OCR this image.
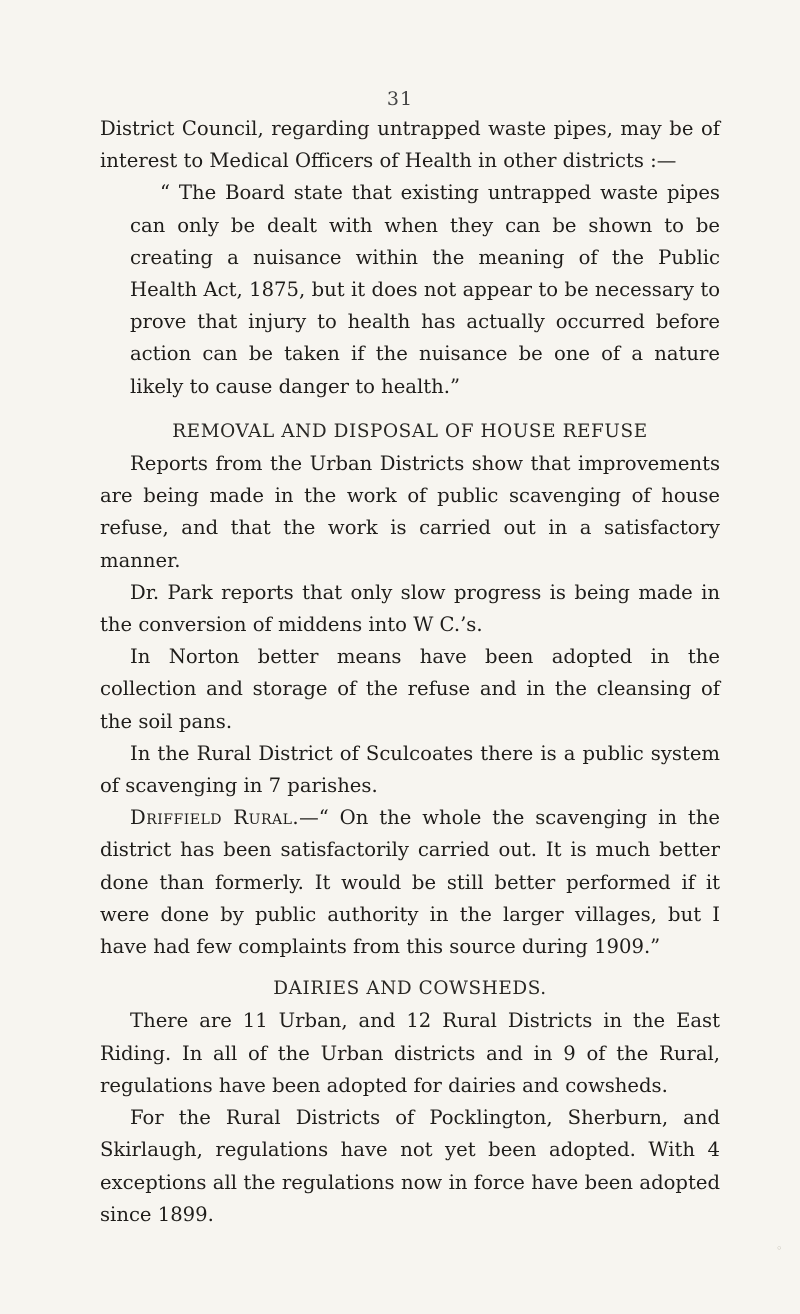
31

District Council, regarding untrapped waste pipes, may be of interest to Medical Officers of Health in other districts :—

“ The Board state that existing untrapped waste pipes can only be dealt with when they can be shown to be creating a nuisance within the meaning of the Public Health Act, 1875, but it does not appear to be necessary to prove that injury to health has actually occurred before action can be taken if the nuisance be one of a nature likely to cause danger to health.”

REMOVAL AND DISPOSAL OF HOUSE REFUSE

Reports from the Urban Districts show that improvements are being made in the work of public scavenging of house refuse, and that the work is carried out in a satisfactory manner.

Dr. Park reports that only slow progress is being made in the conversion of middens into W C.’s.

In Norton better means have been adopted in the collection and storage of the refuse and in the cleansing of the soil pans.

In the Rural District of Sculcoates there is a public system of scavenging in 7 parishes.

Driffield Rural.—“ On the whole the scavenging in the district has been satisfactorily carried out. It is much better done than formerly. It would be still better performed if it were done by public authority in the larger villages, but I have had few complaints from this source during 1909.”

DAIRIES AND COWSHEDS.

There are 11 Urban, and 12 Rural Districts in the East Riding. In all of the Urban districts and in 9 of the Rural, regulations have been adopted for dairies and cowsheds.

For the Rural Districts of Pocklington, Sherburn, and Skirlaugh, regulations have not yet been adopted. With 4 exceptions all the regulations now in force have been adopted since 1899.

◦
